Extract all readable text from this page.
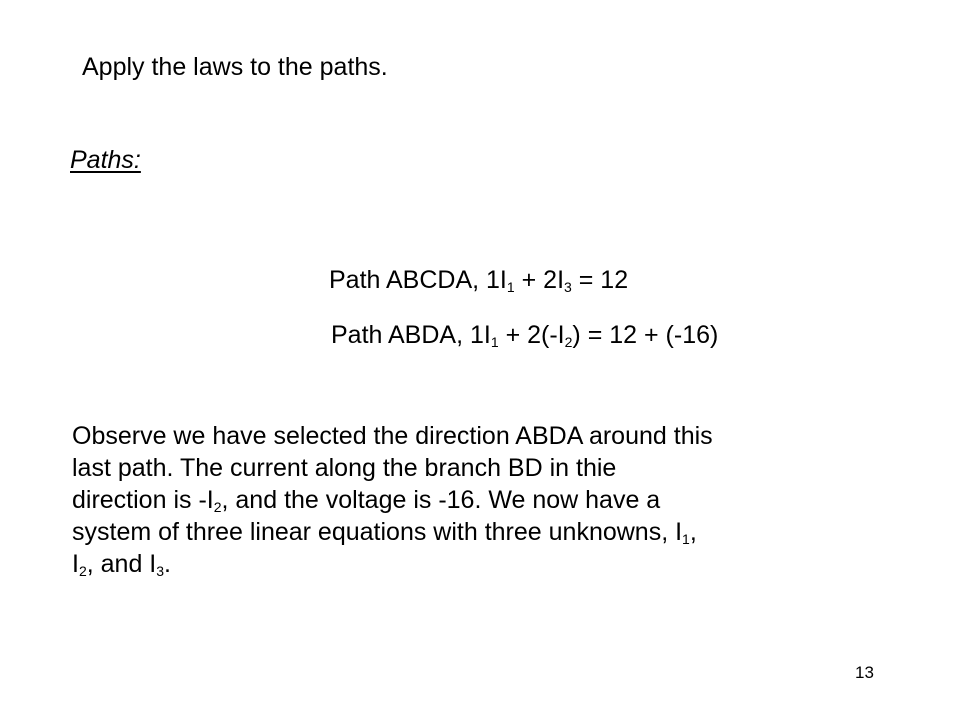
Apply the laws to the paths.
Paths:
Path ABCDA, $1I_1 + 2I_3 = 12$
Path ABDA, $1I_1 + 2(-I_2) = 12 + (-16)$
Observe we have selected the direction ABDA around this
last path. The current along the branch BD in thie
direction is $-I_2$, and the voltage is -16. We now have a
system of three linear equations with three unknowns, $I_1$,
$I_2$, and $I_3$.
13
